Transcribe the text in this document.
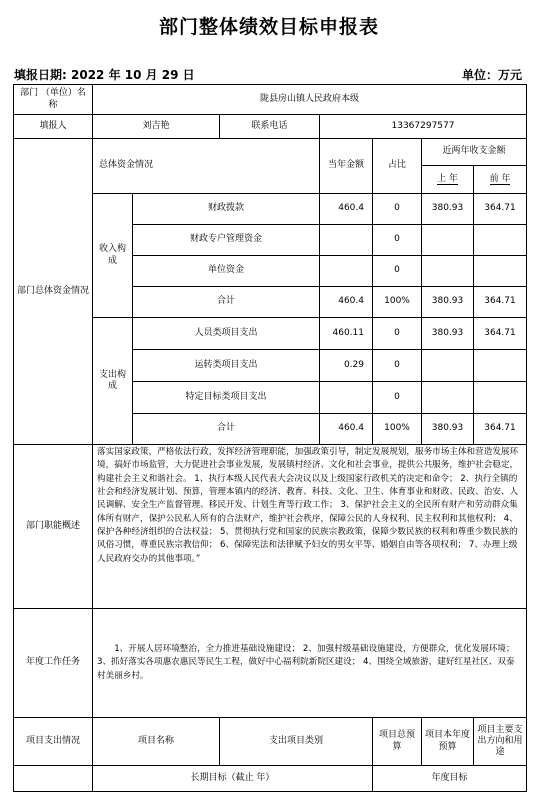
部门整体绩效目标申报表
填报日期: 2022 年 10 月 29 日	单位：万元
部门 （单位）名称	陇县房山镇人民政府本级						
填报人	刘吉艳		联系电话	13367297577			
部门总体资金情况	总体资金情况			当年金额	占比	近两年收支金额	
						上 年	前 年
	收入构成	财政拨款		460.4	0	380.93	364.71
		财政专户管理资金			0		
		单位资金			0		
		合计		460.4	100%	380.93	364.71
	支出构成	人员类项目支出		460.11	0	380.93	364.71
		运转类项目支出		0.29	0		
		特定目标类项目支出			0		
		合计		460.4	100%	380.93	364.71
部门职能概述	落实国家政策，严格依法行政，发挥经济管理职能，加强政策引导，制定发展规划，服务市场主体和营造发展环境，搞好市场监管，大力促进社会事业发展，发展镇村经济、文化和社会事业，提供公共服务，维护社会稳定，构建社会主义和谐社会。 1、执行本级人民代表大会决议以及上级国家行政机关的决定和命令； 2、执行全镇的社会和经济发展计划、预算，管理本镇内的经济、教育、科技、文化、卫生、体育事业和财政、民政、治安、人民调解、安全生产监督管理、移民开发、计划生育等行政工作； 3、保护社会主义的全民所有财产和劳动群众集体所有财产，保护公民私人所有的合法财产，维护社会秩序，保障公民的人身权利、民主权利和其他权利； 4、保护各种经济组织的合法权益； 5、贯彻执行党和国家的民族宗教政策，保障少数民族的权利和尊重少数民族的风俗习惯，尊重民族宗教信仰； 6、保障宪法和法律赋予妇女的男女平等、婚姻自由等各项权利； 7、办理上级人民政府交办的其他事项。”						
年度工作任务	1、开展人居环境整治，全力推进基础设施建设； 2、加强村级基础设施建设，方便群众，优化发展环境； 3、抓好落实各项惠农惠民等民生工程，做好中心福利院新院区建设； 4、围绕全域旅游，建好红星社区、双泰村美丽乡村。						
项目支出情况	项目名称		支出项目类别		项目总预算	项目本年度预算	项目主要支出方向和用途
	长期目标（截止 年）				年度目标		
